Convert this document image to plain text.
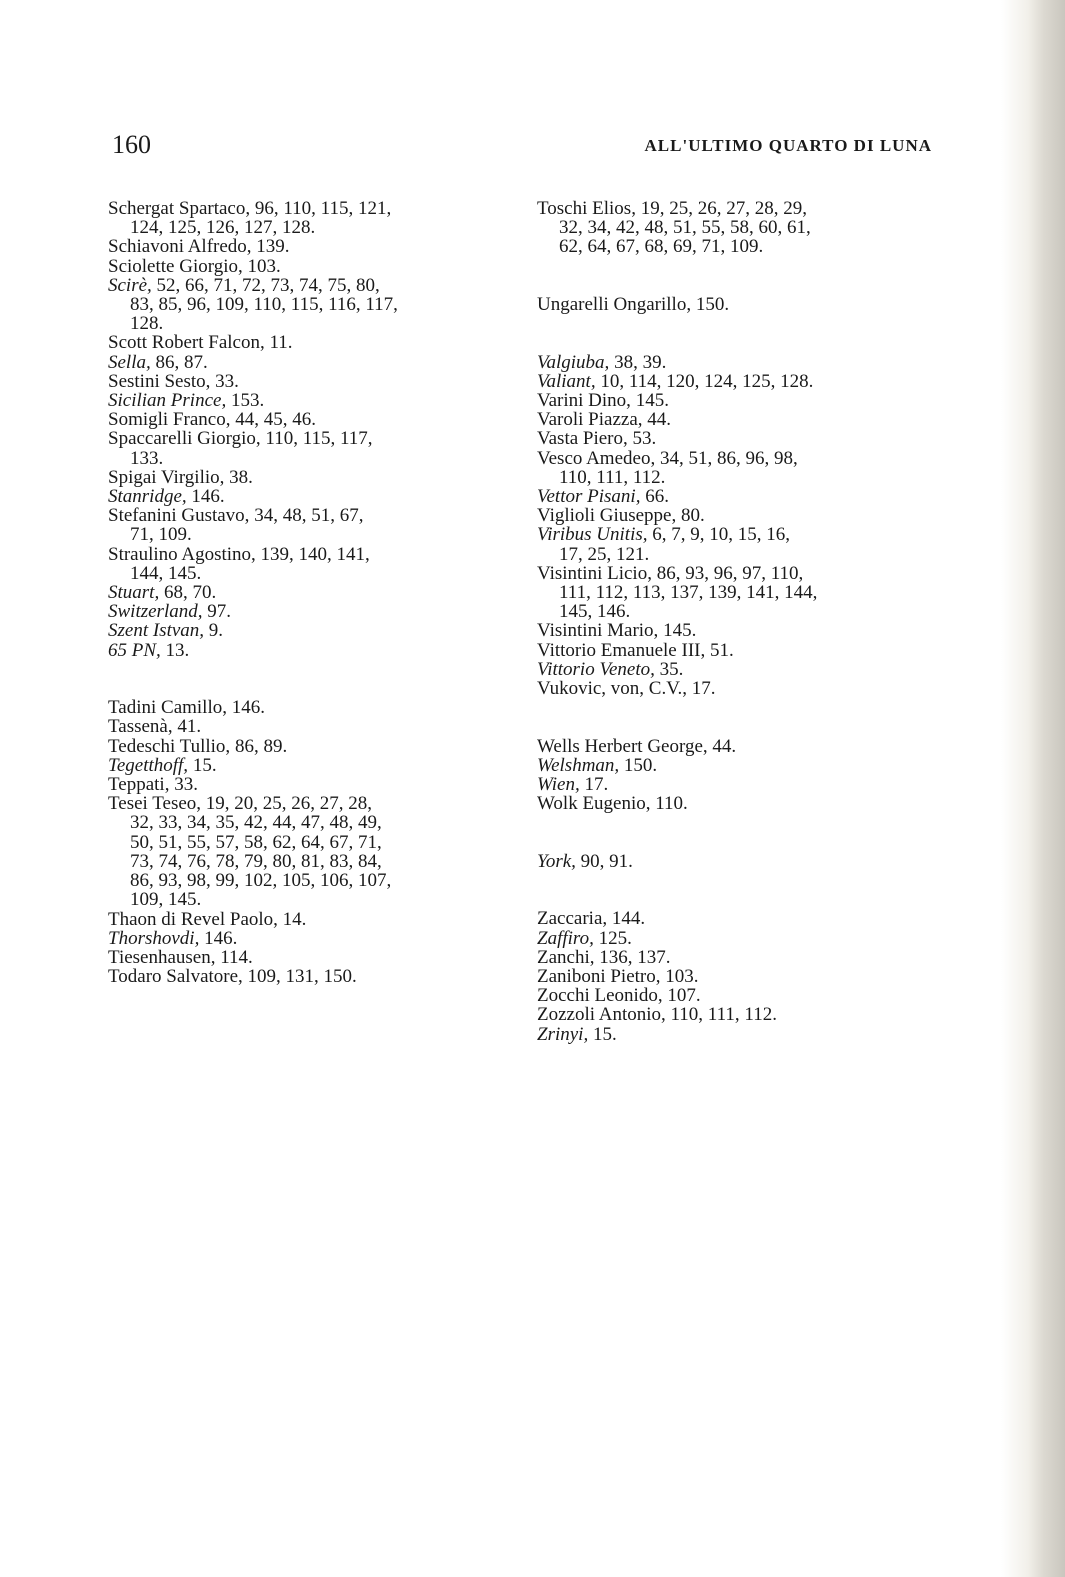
160	ALL'ULTIMO QUARTO DI LUNA
Schergat Spartaco, 96, 110, 115, 121,
124, 125, 126, 127, 128.
Schiavoni Alfredo, 139.
Sciolette Giorgio, 103.
Scirè, 52, 66, 71, 72, 73, 74, 75, 80,
83, 85, 96, 109, 110, 115, 116, 117,
128.
Scott Robert Falcon, 11.
Sella, 86, 87.
Sestini Sesto, 33.
Sicilian Prince, 153.
Somigli Franco, 44, 45, 46.
Spaccarelli Giorgio, 110, 115, 117,
133.
Spigai Virgilio, 38.
Stanridge, 146.
Stefanini Gustavo, 34, 48, 51, 67,
71, 109.
Straulino Agostino, 139, 140, 141,
144, 145.
Stuart, 68, 70.
Switzerland, 97.
Szent Istvan, 9.
65 PN, 13.
Tadini Camillo, 146.
Tassenà, 41.
Tedeschi Tullio, 86, 89.
Tegetthoff, 15.
Teppati, 33.
Tesei Teseo, 19, 20, 25, 26, 27, 28,
32, 33, 34, 35, 42, 44, 47, 48, 49,
50, 51, 55, 57, 58, 62, 64, 67, 71,
73, 74, 76, 78, 79, 80, 81, 83, 84,
86, 93, 98, 99, 102, 105, 106, 107,
109, 145.
Thaon di Revel Paolo, 14.
Thorshovdi, 146.
Tiesenhausen, 114.
Todaro Salvatore, 109, 131, 150.
Toschi Elios, 19, 25, 26, 27, 28, 29,
32, 34, 42, 48, 51, 55, 58, 60, 61,
62, 64, 67, 68, 69, 71, 109.
Ungarelli Ongarillo, 150.
Valgiuba, 38, 39.
Valiant, 10, 114, 120, 124, 125, 128.
Varini Dino, 145.
Varoli Piazza, 44.
Vasta Piero, 53.
Vesco Amedeo, 34, 51, 86, 96, 98,
110, 111, 112.
Vettor Pisani, 66.
Viglioli Giuseppe, 80.
Viribus Unitis, 6, 7, 9, 10, 15, 16,
17, 25, 121.
Visintini Licio, 86, 93, 96, 97, 110,
111, 112, 113, 137, 139, 141, 144,
145, 146.
Visintini Mario, 145.
Vittorio Emanuele III, 51.
Vittorio Veneto, 35.
Vukovic, von, C.V., 17.
Wells Herbert George, 44.
Welshman, 150.
Wien, 17.
Wolk Eugenio, 110.
York, 90, 91.
Zaccaria, 144.
Zaffiro, 125.
Zanchi, 136, 137.
Zaniboni Pietro, 103.
Zocchi Leonido, 107.
Zozzoli Antonio, 110, 111, 112.
Zrinyi, 15.
